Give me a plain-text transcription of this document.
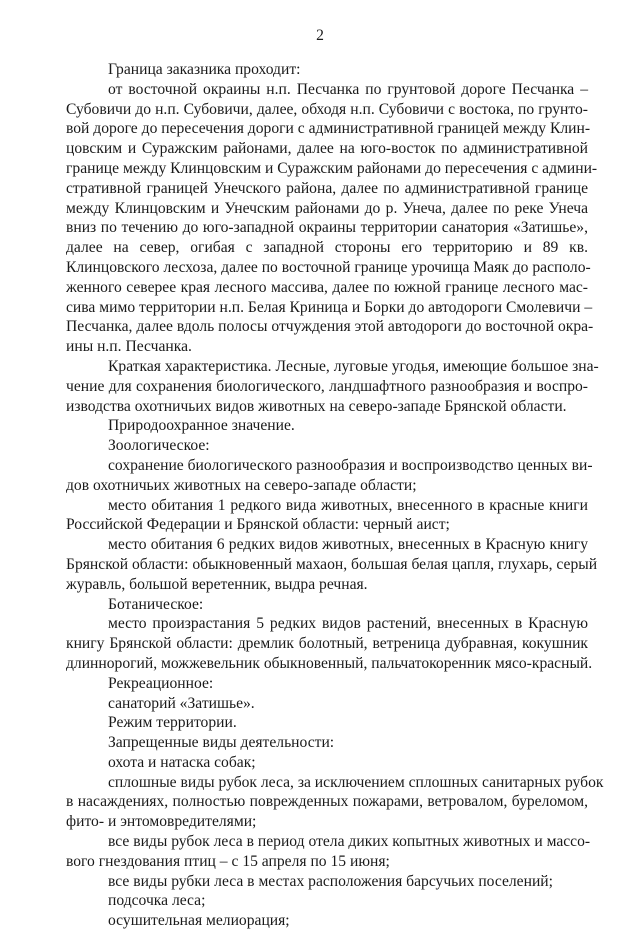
2
Граница заказника проходит:
от восточной окраины н.п. Песчанка по грунтовой дороге Песчанка –
Субовичи до н.п. Субовичи, далее, обходя н.п. Субовичи с востока, по грунто-
вой дороге до пересечения дороги с административной границей между Клин-
цовским и Суражским районами, далее на юго-восток по административной
границе между Клинцовским и Суражским районами до пересечения с админи-
стративной границей Унечского района, далее по административной границе
между Клинцовским и Унечским районами до р. Унеча, далее по реке Унеча
вниз по течению до юго-западной окраины территории санатория «Затишье»,
далее на север, огибая с западной стороны его территорию и 89 кв.
Клинцовского лесхоза, далее по восточной границе урочища Маяк до располо-
женного северее края лесного массива, далее по южной границе лесного мас-
сива мимо территории н.п. Белая Криница и Борки до автодороги Смолевичи –
Песчанка, далее вдоль полосы отчуждения этой автодороги до восточной окра-
ины н.п. Песчанка.
Краткая характеристика. Лесные, луговые угодья, имеющие большое зна-
чение для сохранения биологического, ландшафтного разнообразия и воспро-
изводства охотничьих видов животных на северо-западе Брянской области.
Природоохранное значение.
Зоологическое:
сохранение биологического разнообразия и воспроизводство ценных ви-
дов охотничьих животных на северо-западе области;
место обитания 1 редкого вида животных, внесенного в красные книги
Российской Федерации и Брянской области: черный аист;
место обитания 6 редких видов животных, внесенных в Красную книгу
Брянской области: обыкновенный махаон, большая белая цапля, глухарь, серый
журавль, большой веретенник, выдра речная.
Ботаническое:
место произрастания 5 редких видов растений, внесенных в Красную
книгу Брянской области: дремлик болотный, ветреница дубравная, кокушник
длиннорогий, можжевельник обыкновенный, пальчатокоренник мясо-красный.
Рекреационное:
санаторий «Затишье».
Режим территории.
Запрещенные виды деятельности:
охота и натаска собак;
сплошные виды рубок леса, за исключением сплошных санитарных рубок
в насаждениях, полностью поврежденных пожарами, ветровалом, буреломом,
фито- и энтомовредителями;
все виды рубок леса в период отела диких копытных животных и массо-
вого гнездования птиц – с 15 апреля по 15 июня;
все виды рубки леса в местах расположения барсучьих поселений;
подсочка леса;
осушительная мелиорация;
